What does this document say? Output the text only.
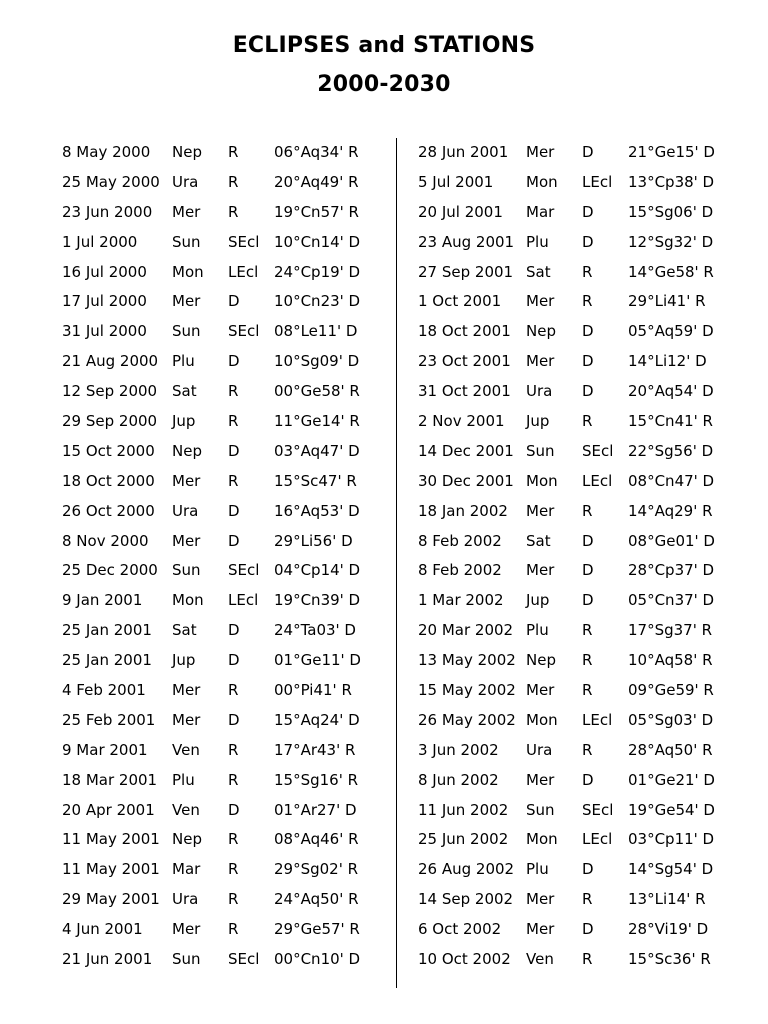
ECLIPSES and STATIONS
2000-2030
8 May 2000 Nep R 06°Aq34' R
25 May 2000 Ura R 20°Aq49' R
23 Jun 2000 Mer R 19°Cn57' R
1 Jul 2000 Sun SEcl 10°Cn14' D
16 Jul 2000 Mon LEcl 24°Cp19' D
17 Jul 2000 Mer D 10°Cn23' D
31 Jul 2000 Sun SEcl 08°Le11' D
21 Aug 2000 Plu D 10°Sg09' D
12 Sep 2000 Sat R 00°Ge58' R
29 Sep 2000 Jup R 11°Ge14' R
15 Oct 2000 Nep D 03°Aq47' D
18 Oct 2000 Mer R 15°Sc47' R
26 Oct 2000 Ura D 16°Aq53' D
8 Nov 2000 Mer D 29°Li56' D
25 Dec 2000 Sun SEcl 04°Cp14' D
9 Jan 2001 Mon LEcl 19°Cn39' D
25 Jan 2001 Sat D 24°Ta03' D
25 Jan 2001 Jup D 01°Ge11' D
4 Feb 2001 Mer R 00°Pi41' R
25 Feb 2001 Mer D 15°Aq24' D
9 Mar 2001 Ven R 17°Ar43' R
18 Mar 2001 Plu R 15°Sg16' R
20 Apr 2001 Ven D 01°Ar27' D
11 May 2001 Nep R 08°Aq46' R
11 May 2001 Mar R 29°Sg02' R
29 May 2001 Ura R 24°Aq50' R
4 Jun 2001 Mer R 29°Ge57' R
21 Jun 2001 Sun SEcl 00°Cn10' D
28 Jun 2001 Mer D 21°Ge15' D
5 Jul 2001 Mon LEcl 13°Cp38' D
20 Jul 2001 Mar D 15°Sg06' D
23 Aug 2001 Plu D 12°Sg32' D
27 Sep 2001 Sat R 14°Ge58' R
1 Oct 2001 Mer R 29°Li41' R
18 Oct 2001 Nep D 05°Aq59' D
23 Oct 2001 Mer D 14°Li12' D
31 Oct 2001 Ura D 20°Aq54' D
2 Nov 2001 Jup R 15°Cn41' R
14 Dec 2001 Sun SEcl 22°Sg56' D
30 Dec 2001 Mon LEcl 08°Cn47' D
18 Jan 2002 Mer R 14°Aq29' R
8 Feb 2002 Sat D 08°Ge01' D
8 Feb 2002 Mer D 28°Cp37' D
1 Mar 2002 Jup D 05°Cn37' D
20 Mar 2002 Plu R 17°Sg37' R
13 May 2002 Nep R 10°Aq58' R
15 May 2002 Mer R 09°Ge59' R
26 May 2002 Mon LEcl 05°Sg03' D
3 Jun 2002 Ura R 28°Aq50' R
8 Jun 2002 Mer D 01°Ge21' D
11 Jun 2002 Sun SEcl 19°Ge54' D
25 Jun 2002 Mon LEcl 03°Cp11' D
26 Aug 2002 Plu D 14°Sg54' D
14 Sep 2002 Mer R 13°Li14' R
6 Oct 2002 Mer D 28°Vi19' D
10 Oct 2002 Ven R 15°Sc36' R
